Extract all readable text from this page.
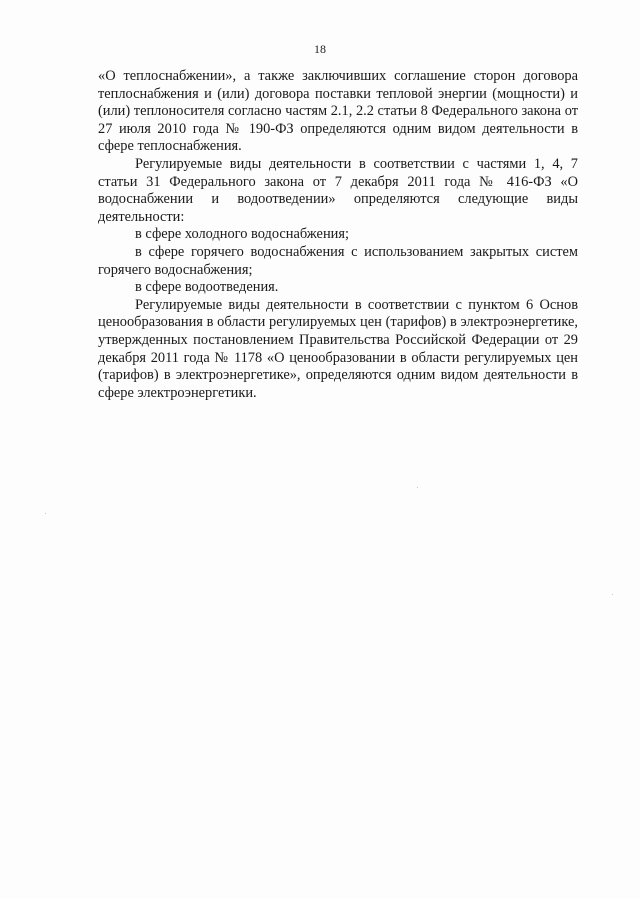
18

«О теплоснабжении», а также заключивших соглашение сторон договора теплоснабжения и (или) договора поставки тепловой энергии (мощности) и (или) теплоносителя согласно частям 2.1, 2.2 статьи 8 Федерального закона от 27 июля 2010 года № 190-ФЗ определяются одним видом деятельности в сфере теплоснабжения.

Регулируемые виды деятельности в соответствии с частями 1, 4, 7 статьи 31 Федерального закона от 7 декабря 2011 года № 416-ФЗ «О водоснабжении и водоотведении» определяются следующие виды деятельности:

в сфере холодного водоснабжения;

в сфере горячего водоснабжения с использованием закрытых систем горячего водоснабжения;

в сфере водоотведения.

Регулируемые виды деятельности в соответствии с пунктом 6 Основ ценообразования в области регулируемых цен (тарифов) в электроэнергетике, утвержденных постановлением Правительства Российской Федерации от 29 декабря 2011 года № 1178 «О ценообразовании в области регулируемых цен (тарифов) в электроэнергетике», определяются одним видом деятельности в сфере электроэнергетики.
